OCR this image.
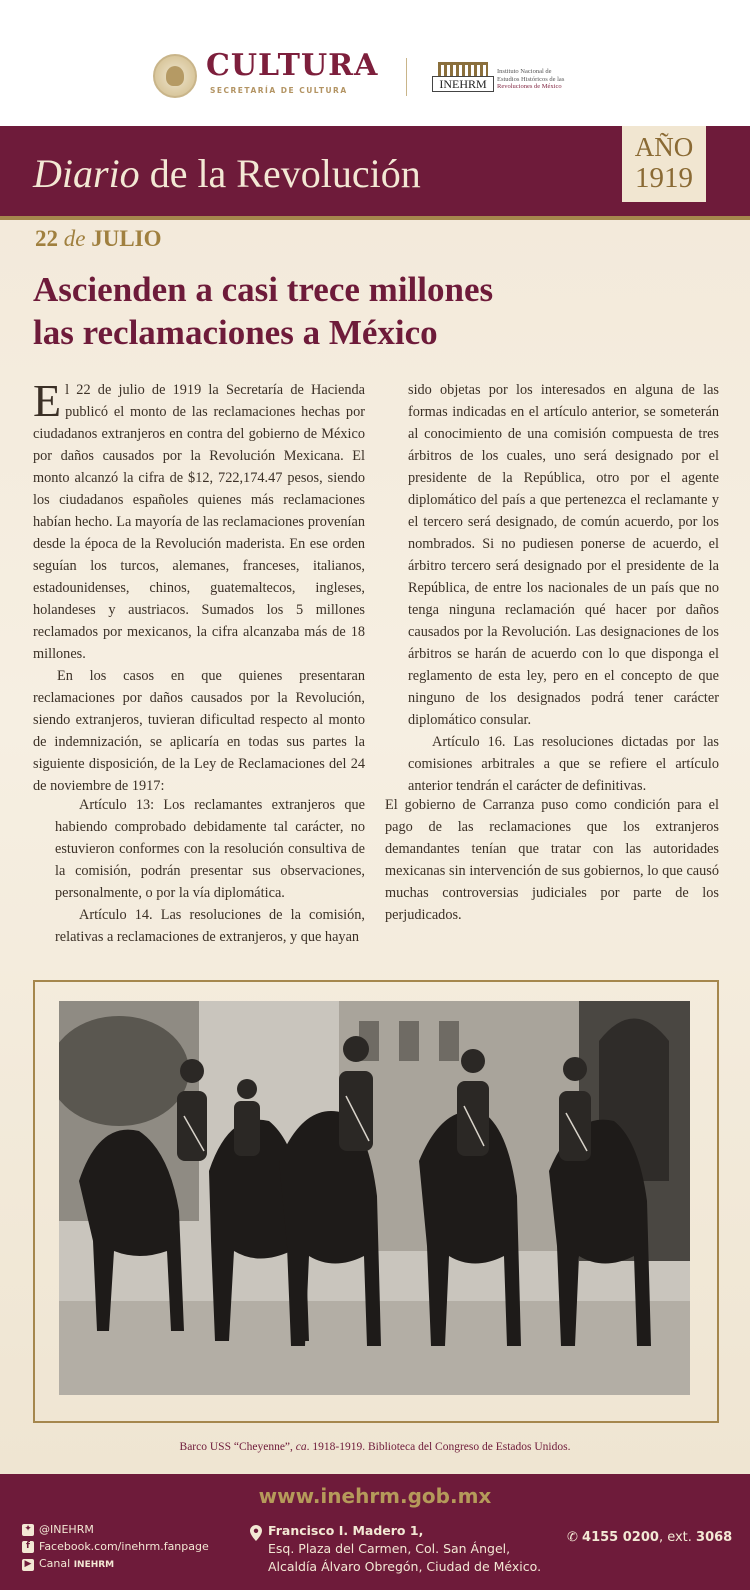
CULTURA
SECRETARÍA DE CULTURA	INEHRM
Instituto Nacional de
Estudios Históricos de las
Revoluciones de México
Diario de la Revolución
AÑO
1919
22 de JULIO
Ascienden a casi trece millones
las reclamaciones a México

El 22 de julio de 1919 la Secretaría de Hacienda publicó el monto de las reclamaciones hechas por ciudadanos extranjeros en contra del gobierno de México por daños causados por la Revolución Mexicana. El monto alcanzó la cifra de $12, 722,174.47 pesos, siendo los ciudadanos españoles quienes más reclamaciones habían hecho. La mayoría de las reclamaciones provenían desde la época de la Revolución maderista. En ese orden seguían los turcos, alemanes, franceses, italianos, estadounidenses, chinos, guatemaltecos, ingleses, holandeses y austriacos. Sumados los 5 millones reclamados por mexicanos, la cifra alcanzaba más de 18 millones.

En los casos en que quienes presentaran reclamaciones por daños causados por la Revolución, siendo extranjeros, tuvieran dificultad respecto al monto de indemnización, se aplicaría en todas sus partes la siguiente disposición, de la Ley de Reclamaciones del 24 de noviembre de 1917:

Artículo 13: Los reclamantes extranjeros que habiendo comprobado debidamente tal carácter, no estuvieron conformes con la resolución consultiva de la comisión, podrán presentar sus observaciones, personalmente, o por la vía diplomática.

Artículo 14. Las resoluciones de la comisión, relativas a reclamaciones de extranjeros, y que hayan

sido objetas por los interesados en alguna de las formas indicadas en el artículo anterior, se someterán al conocimiento de una comisión compuesta de tres árbitros de los cuales, uno será designado por el presidente de la República, otro por el agente diplomático del país a que pertenezca el reclamante y el tercero será designado, de común acuerdo, por los nombrados. Si no pudiesen ponerse de acuerdo, el árbitro tercero será designado por el presidente de la República, de entre los nacionales de un país que no tenga ninguna reclamación qué hacer por daños causados por la Revolución. Las designaciones de los árbitros se harán de acuerdo con lo que disponga el reglamento de esta ley, pero en el concepto de que ninguno de los designados podrá tener carácter diplomático consular.

Artículo 16. Las resoluciones dictadas por las comisiones arbitrales a que se refiere el artículo anterior tendrán el carácter de definitivas.

El gobierno de Carranza puso como condición para el pago de las reclamaciones que los extranjeros demandantes tenían que tratar con las autoridades mexicanas sin intervención de sus gobiernos, lo que causó muchas controversias judiciales por parte de los perjudicados.

Barco USS “Cheyenne”, ca. 1918-1919. Biblioteca del Congreso de Estados Unidos.
www.inehrm.gob.mx
✦ @INEHRM
f Facebook.com/inehrm.fanpage
▶ Canal INEHRM
Francisco I. Madero 1,
Esq. Plaza del Carmen, Col. San Ángel,
Alcaldía Álvaro Obregón, Ciudad de México.
✆ 4155 0200, ext. 3068
